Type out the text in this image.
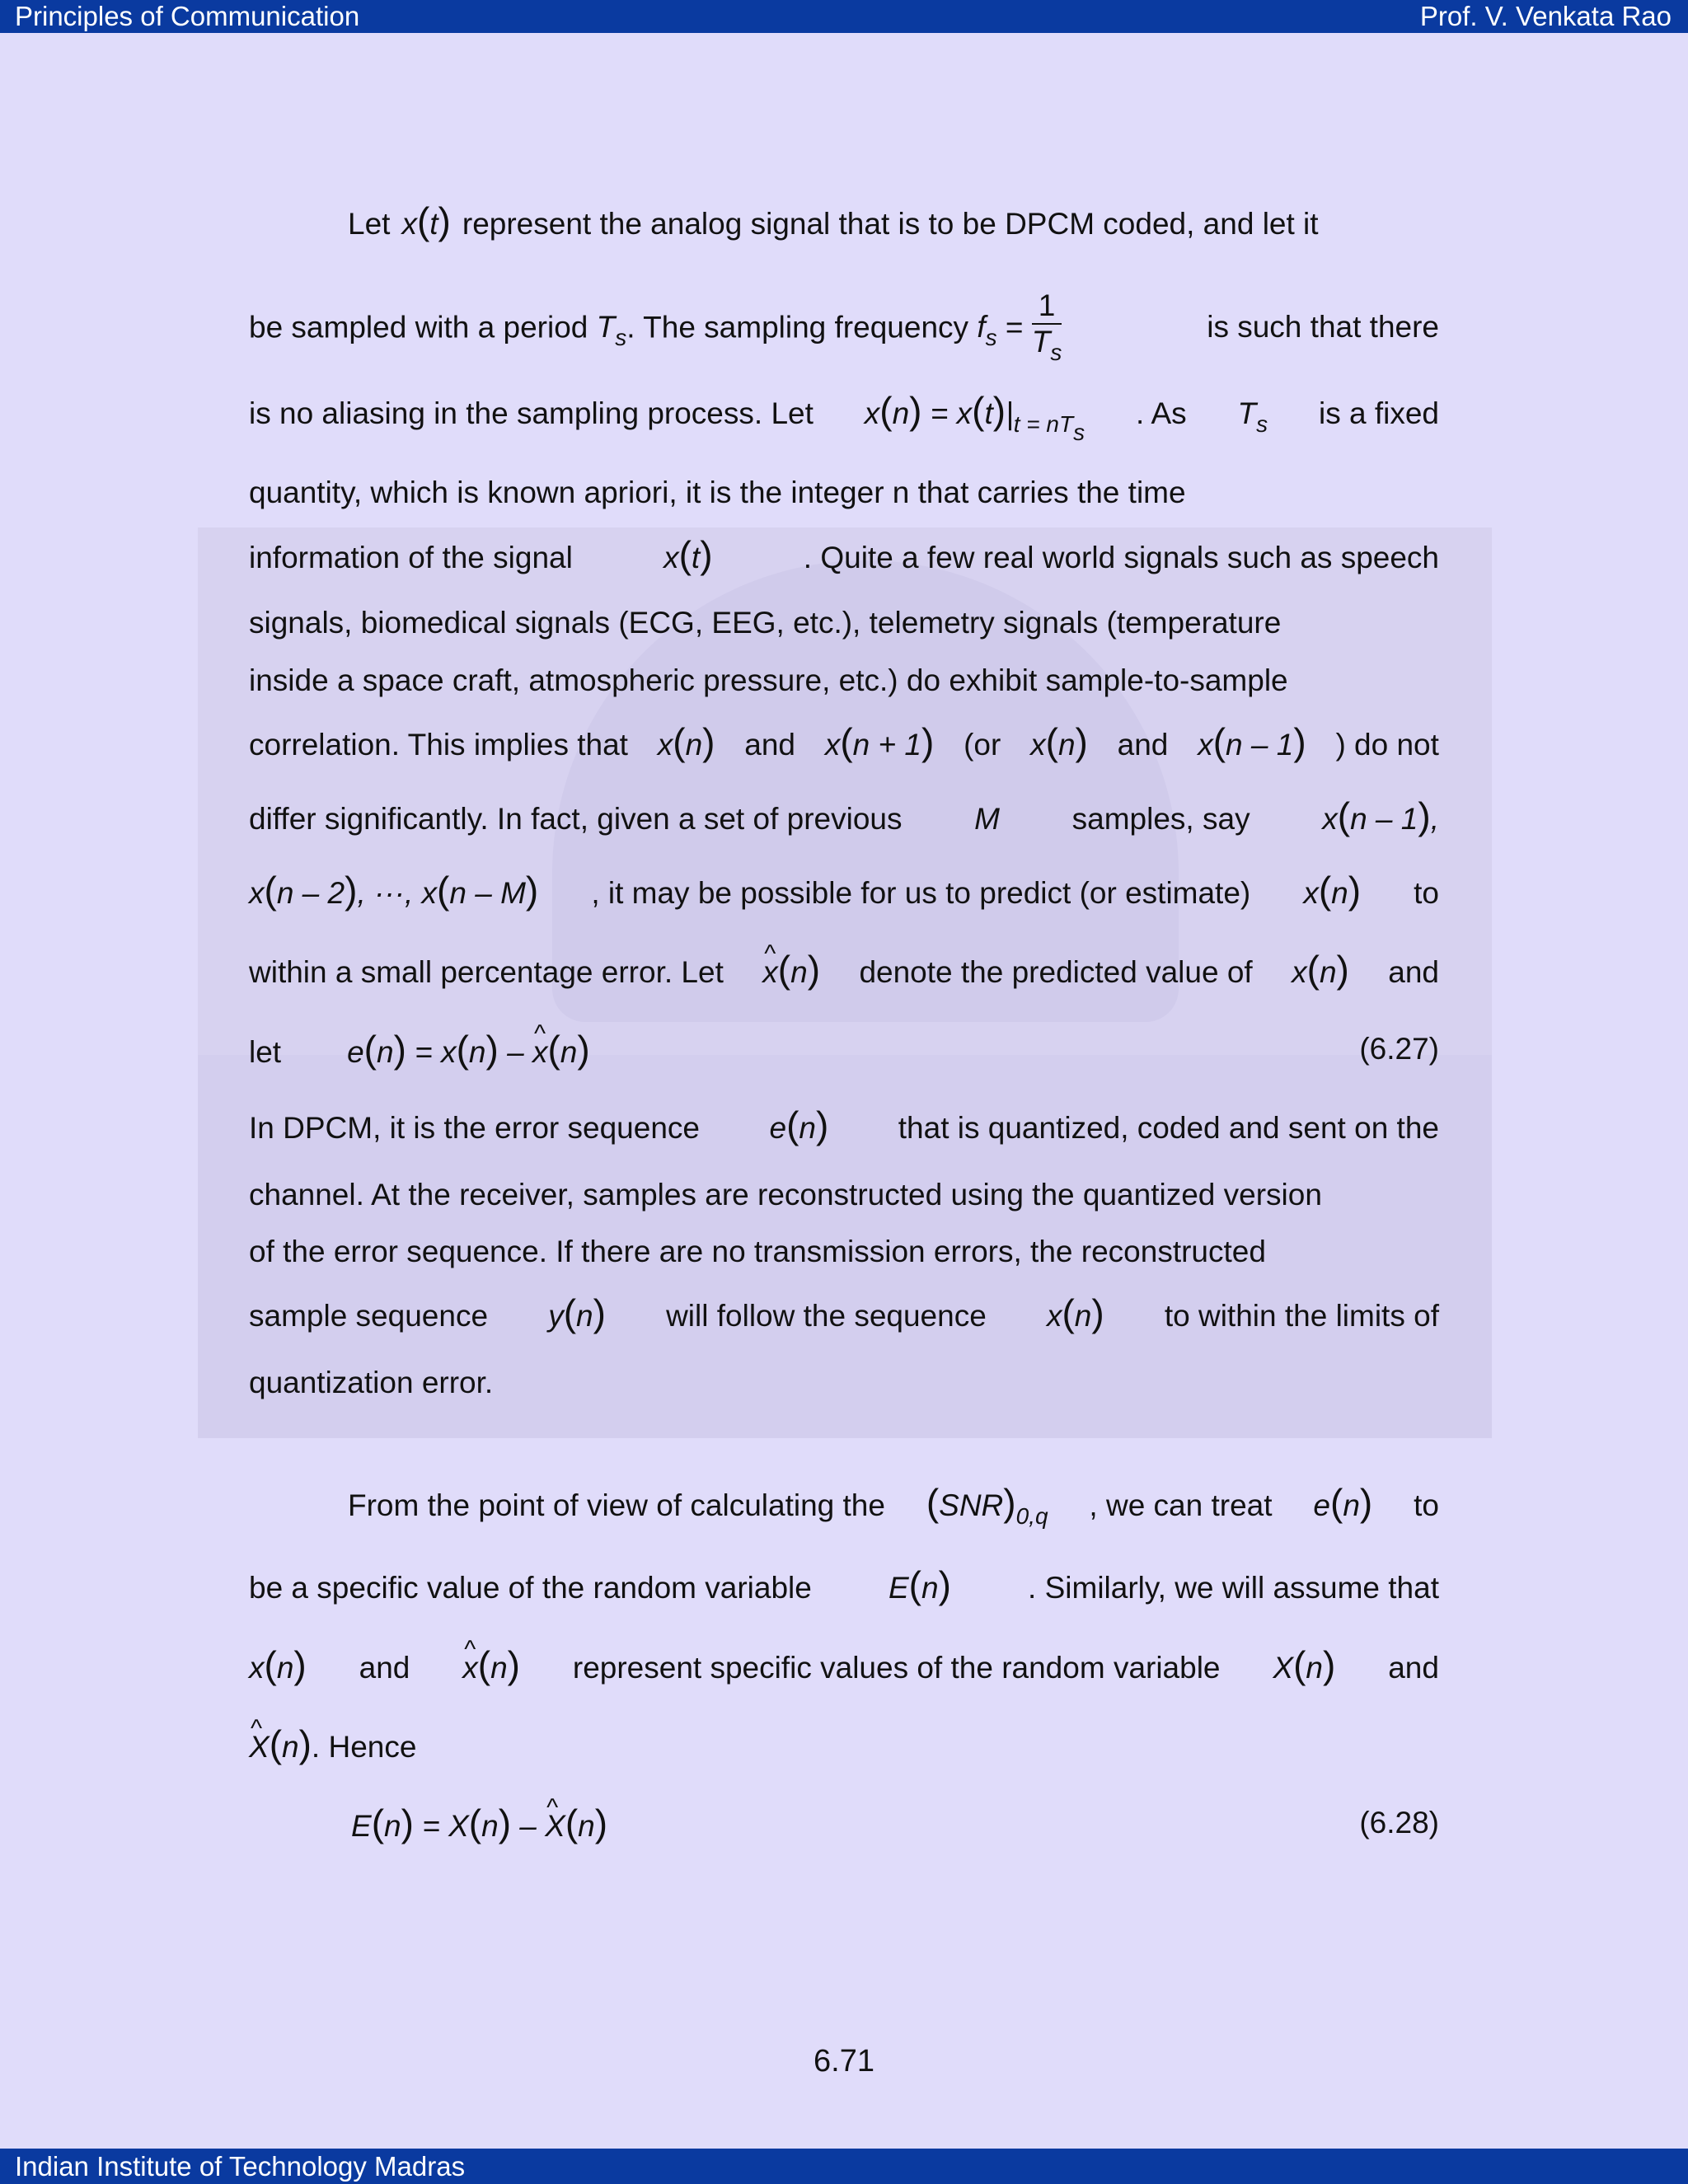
Principles of Communication	Prof. V. Venkata Rao
Let x(t) represent the analog signal that is to be DPCM coded, and let it
be sampled with a period $T_s$. The sampling frequency $f_s = \frac{1}{T_s}$	is such that there
is no aliasing in the sampling process. Let $x(n) = x(t)|_{t = nT_s}$
. As $T_s$ is a fixed
quantity, which is known apriori, it is the integer n that carries the time
information of the signal	x(t)	. Quite a few real world signals such as speech
signals, biomedical signals (ECG, EEG, etc.), telemetry signals (temperature
inside a space craft, atmospheric pressure, etc.) do exhibit sample-to-sample
correlation. This implies that x(n) and x(n + 1) (or x(n) and x(n – 1) ) do not
differ significantly. In fact, given a set of previous M samples, say x(n – 1),
x(n – 2), ···, x(n – M) , it may be possible for us to predict (or estimate) x(n) to
within a small percentage error. Let ^ x(n) denote the predicted value of x(n) and
let e(n) = x(n) – ^ x(n)	(6.27)
In DPCM, it is the error sequence e(n) that is quantized, coded and sent on the
channel. At the receiver, samples are reconstructed using the quantized version
of the error sequence. If there are no transmission errors, the reconstructed
sample sequence y(n) will follow the sequence x(n) to within the limits of
quantization error.
From the point of view of calculating the $(SNR)_{0,q}$ , we can treat e(n) to
be a specific value of the random variable	E(n)	. Similarly, we will assume that
x(n) and ^ x(n) represent specific values of the random variable X(n) and
^ X(n) . Hence
E(n) = X(n) – ^ X(n)	(6.28)
6.71
Indian Institute of Technology Madras
